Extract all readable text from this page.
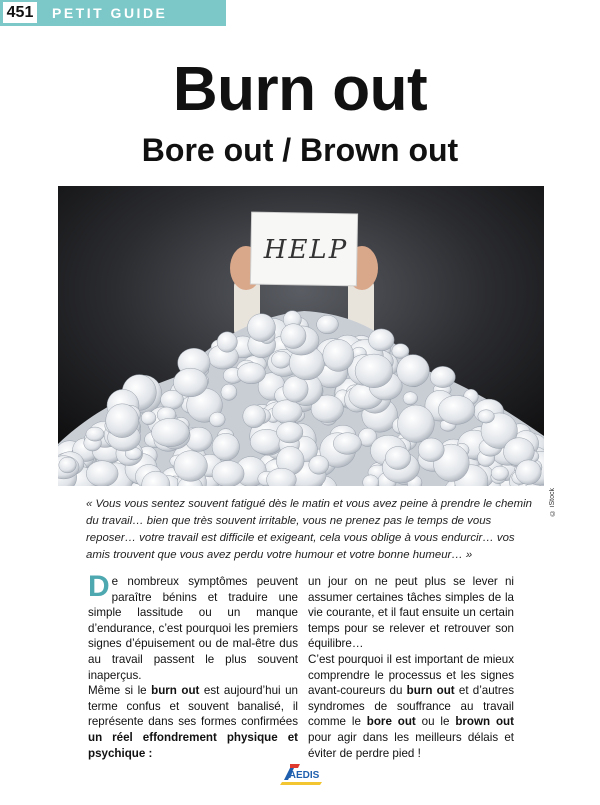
451 PETIT GUIDE
Burn out
Bore out / Brown out
HELP
© iStock

« Vous vous sentez souvent fatigué dès le matin et vous avez peine à prendre le chemin du travail… bien que très souvent irritable, vous ne prenez pas le temps de vous reposer… votre travail est difficile et exigeant, cela vous oblige à vous endurcir… vos amis trouvent que vous avez perdu votre humour et votre bonne humeur… »

De nombreux symptômes peuvent paraître bénins et traduire une simple lassitude ou un manque d’endurance, c’est pourquoi les premiers signes d’épuisement ou de mal-être dus au travail passent le plus souvent inaperçus.

Même si le burn out est aujourd’hui un terme confus et souvent banalisé, il représente dans ses formes confirmées un réel effondrement physique et psychique :

un jour on ne peut plus se lever ni assumer certaines tâches simples de la vie courante, et il faut ensuite un certain temps pour se relever et retrouver son équilibre…

C’est pourquoi il est important de mieux comprendre le processus et les signes avant-coureurs du burn out et d’autres syndromes de souffrance au travail comme le bore out ou le brown out pour agir dans les meilleurs délais et éviter de perdre pied !

AEDIS
